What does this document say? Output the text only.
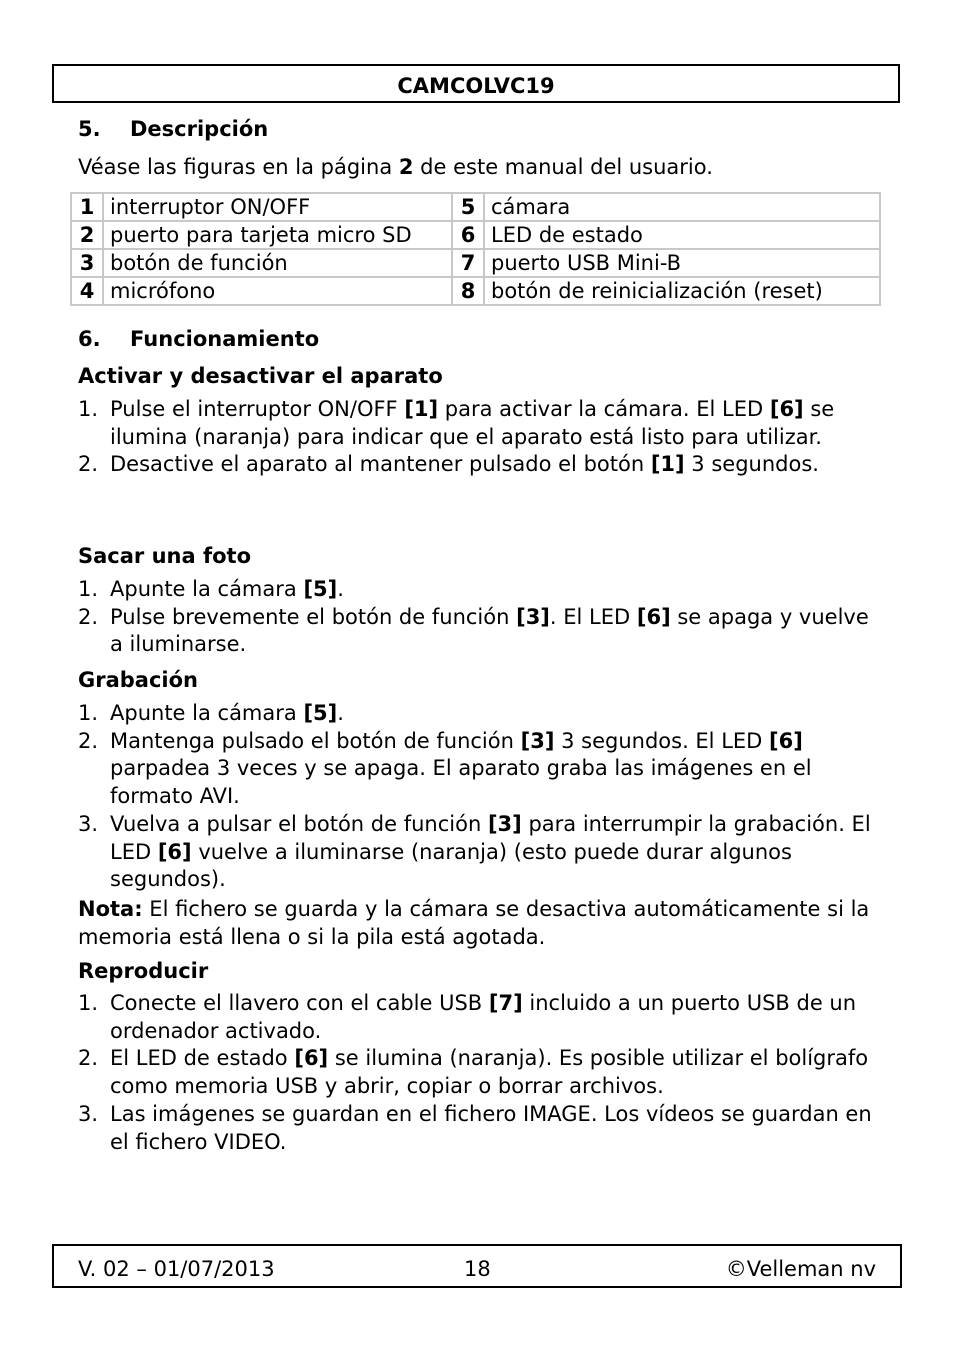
CAMCOLVC19
5. Descripción
Véase las figuras en la página 2 de este manual del usuario.
1	interruptor ON/OFF	5	cámara
2	puerto para tarjeta micro SD	6	LED de estado
3	botón de función	7	puerto USB Mini-B
4	micrófono	8	botón de reinicialización (reset)
6. Funcionamiento
Activar y desactivar el aparato
1. Pulse el interruptor ON/OFF [1] para activar la cámara. El LED [6] se ilumina (naranja) para indicar que el aparato está listo para utilizar.
2. Desactive el aparato al mantener pulsado el botón [1] 3 segundos.
Sacar una foto
1. Apunte la cámara [5].
2. Pulse brevemente el botón de función [3]. El LED [6] se apaga y vuelve a iluminarse.
Grabación
1. Apunte la cámara [5].
2. Mantenga pulsado el botón de función [3] 3 segundos. El LED [6] parpadea 3 veces y se apaga. El aparato graba las imágenes en el formato AVI.
3. Vuelva a pulsar el botón de función [3] para interrumpir la grabación. El LED [6] vuelve a iluminarse (naranja) (esto puede durar algunos segundos).
Nota: El fichero se guarda y la cámara se desactiva automáticamente si la memoria está llena o si la pila está agotada.
Reproducir
1. Conecte el llavero con el cable USB [7] incluido a un puerto USB de un ordenador activado.
2. El LED de estado [6] se ilumina (naranja). Es posible utilizar el bolígrafo como memoria USB y abrir, copiar o borrar archivos.
3. Las imágenes se guardan en el fichero IMAGE. Los vídeos se guardan en el fichero VIDEO.
V. 02 – 01/07/2013	18	©Velleman nv
